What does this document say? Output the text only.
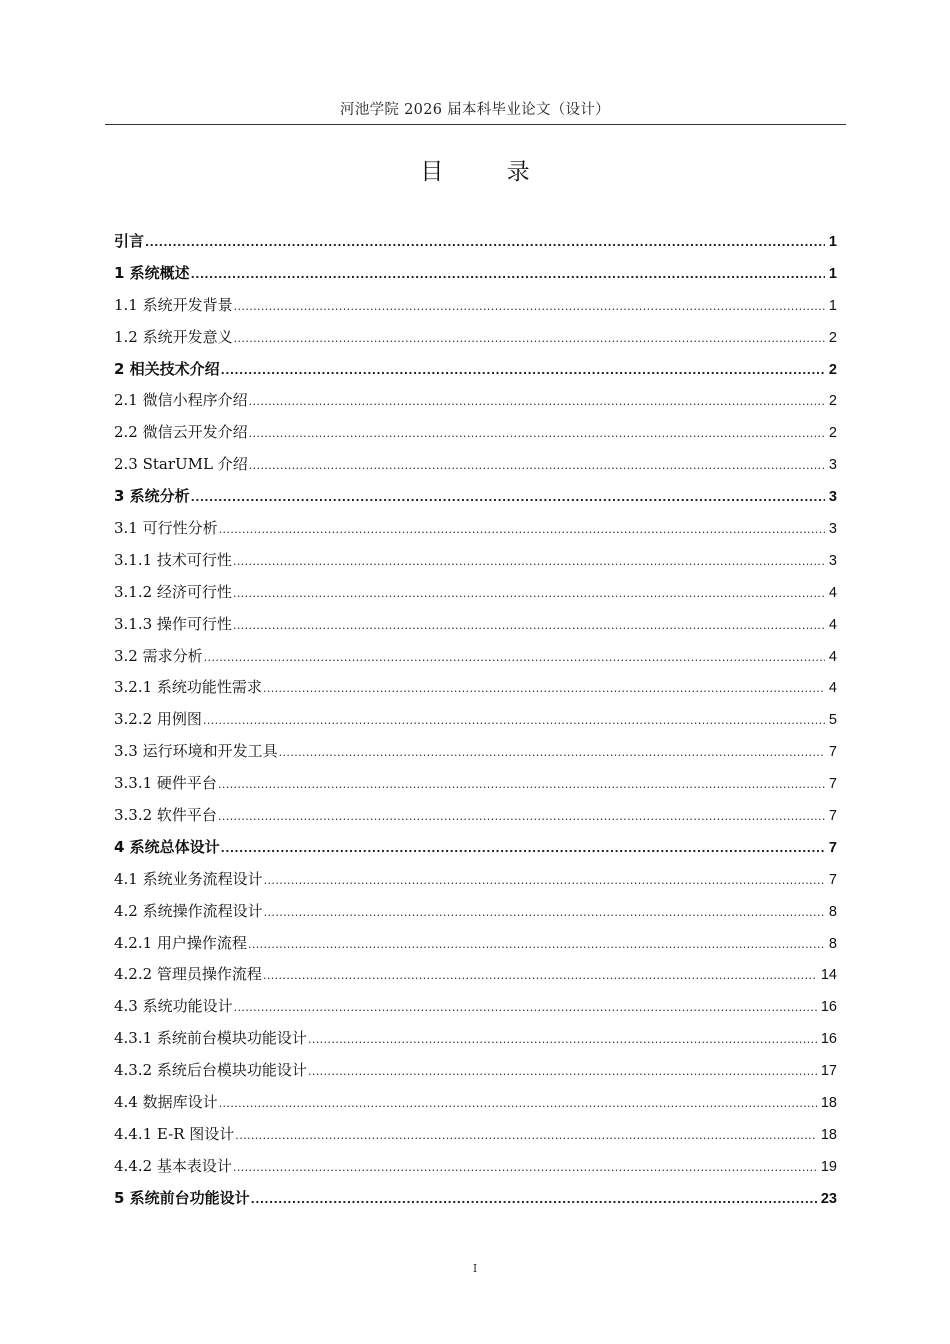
河池学院 2026 届本科毕业论文（设计）
目 录
引言 .....	1
1 系统概述 .....	1
1.1 系统开发背景 .....	1
1.2 系统开发意义 .....	2
2 相关技术介绍 .....	2
2.1 微信小程序介绍 .....	2
2.2 微信云开发介绍 .....	2
2.3 StarUML 介绍 .....	3
3 系统分析 .....	3
3.1 可行性分析 .....	3
3.1.1 技术可行性 .....	3
3.1.2 经济可行性 .....	4
3.1.3 操作可行性 .....	4
3.2 需求分析 .....	4
3.2.1 系统功能性需求 .....	4
3.2.2 用例图 .....	5
3.3 运行环境和开发工具 .....	7
3.3.1 硬件平台 .....	7
3.3.2 软件平台 .....	7
4 系统总体设计 .....	7
4.1 系统业务流程设计 .....	7
4.2 系统操作流程设计 .....	8
4.2.1 用户操作流程 .....	8
4.2.2 管理员操作流程 .....	14
4.3 系统功能设计 .....	16
4.3.1 系统前台模块功能设计 .....	16
4.3.2 系统后台模块功能设计 .....	17
4.4 数据库设计 .....	18
4.4.1 E-R 图设计 .....	18
4.4.2 基本表设计 .....	19
5 系统前台功能设计 .....	23
I
